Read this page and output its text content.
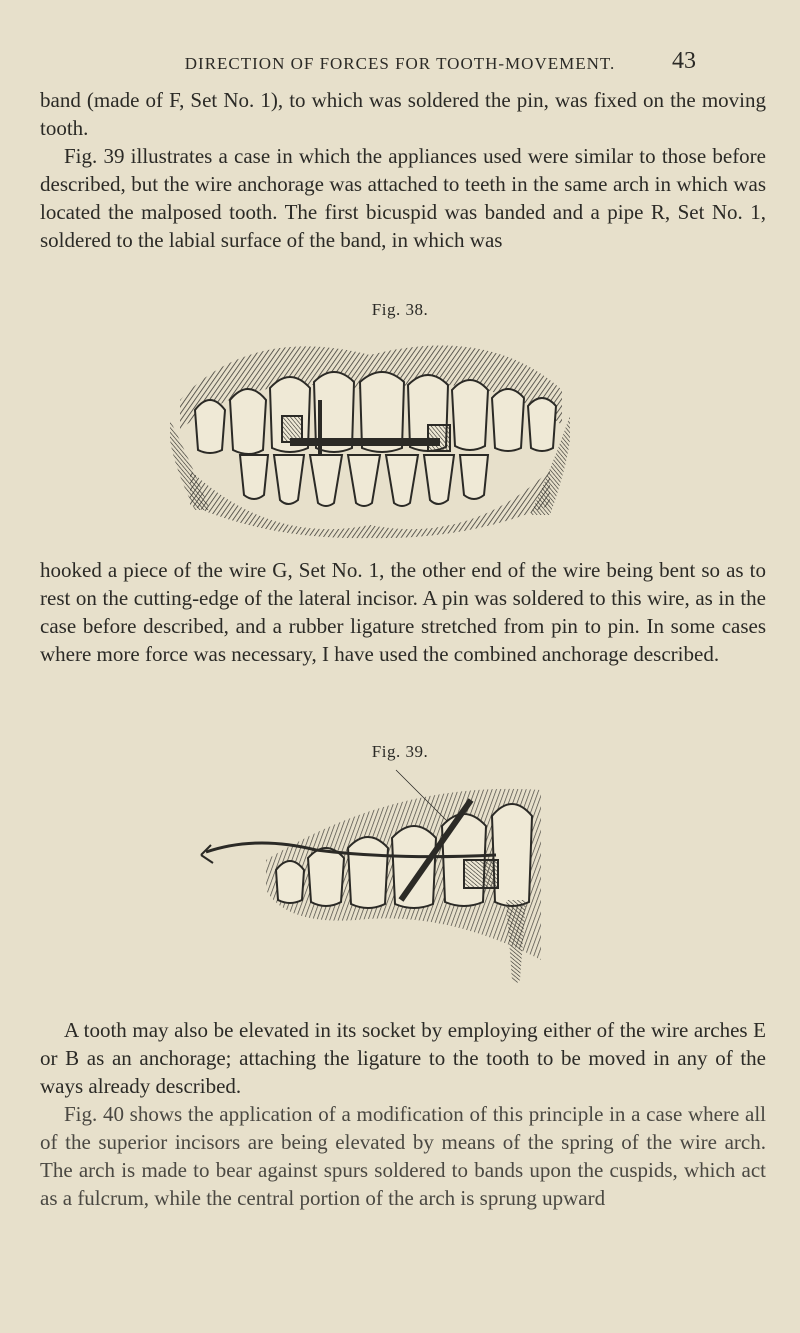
DIRECTION OF FORCES FOR TOOTH-MOVEMENT.	43

band (made of F, Set No. 1), to which was soldered the pin, was fixed on the moving tooth.

Fig. 39 illustrates a case in which the appliances used were similar to those before described, but the wire anchorage was attached to teeth in the same arch in which was located the malposed tooth. The first bicuspid was banded and a pipe R, Set No. 1, soldered to the labial surface of the band, in which was

Fig. 38.

hooked a piece of the wire G, Set No. 1, the other end of the wire being bent so as to rest on the cutting-edge of the lateral incisor. A pin was soldered to this wire, as in the case before described, and a rubber ligature stretched from pin to pin. In some cases where more force was necessary, I have used the combined anchorage described.

Fig. 39.

A tooth may also be elevated in its socket by employing either of the wire arches E or B as an anchorage; attaching the ligature to the tooth to be moved in any of the ways already described.

Fig. 40 shows the application of a modification of this principle in a case where all of the superior incisors are being elevated by means of the spring of the wire arch. The arch is made to bear against spurs soldered to bands upon the cuspids, which act as a fulcrum, while the central portion of the arch is sprung upward
